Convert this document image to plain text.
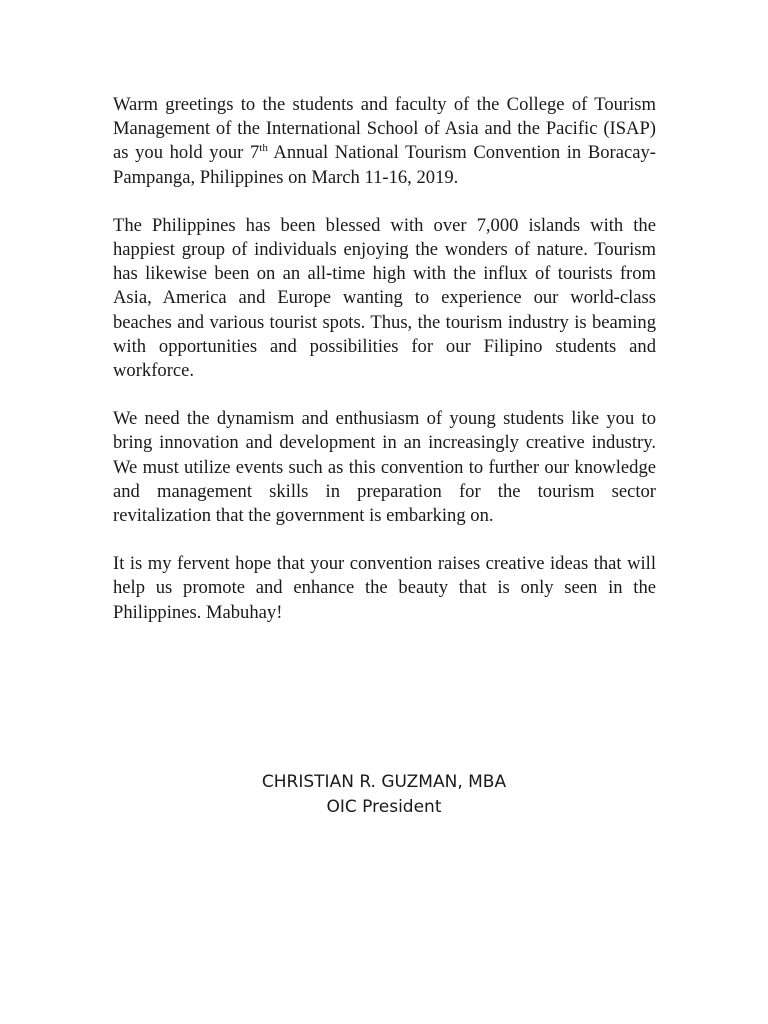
Warm greetings to the students and faculty of the College of Tourism Management of the International School of Asia and the Pacific (ISAP) as you hold your 7th Annual National Tourism Convention in Boracay-Pampanga, Philippines on March 11-16, 2019.

The Philippines has been blessed with over 7,000 islands with the happiest group of individuals enjoying the wonders of nature. Tourism has likewise been on an all-time high with the influx of tourists from Asia, America and Europe wanting to experience our world-class beaches and various tourist spots. Thus, the tourism industry is beaming with opportunities and possibilities for our Filipino students and workforce.

We need the dynamism and enthusiasm of young students like you to bring innovation and development in an increasingly creative industry. We must utilize events such as this convention to further our knowledge and management skills in preparation for the tourism sector revitalization that the government is embarking on.

It is my fervent hope that your convention raises creative ideas that will help us promote and enhance the beauty that is only seen in the Philippines. Mabuhay!

CHRISTIAN R. GUZMAN, MBA
OIC President
